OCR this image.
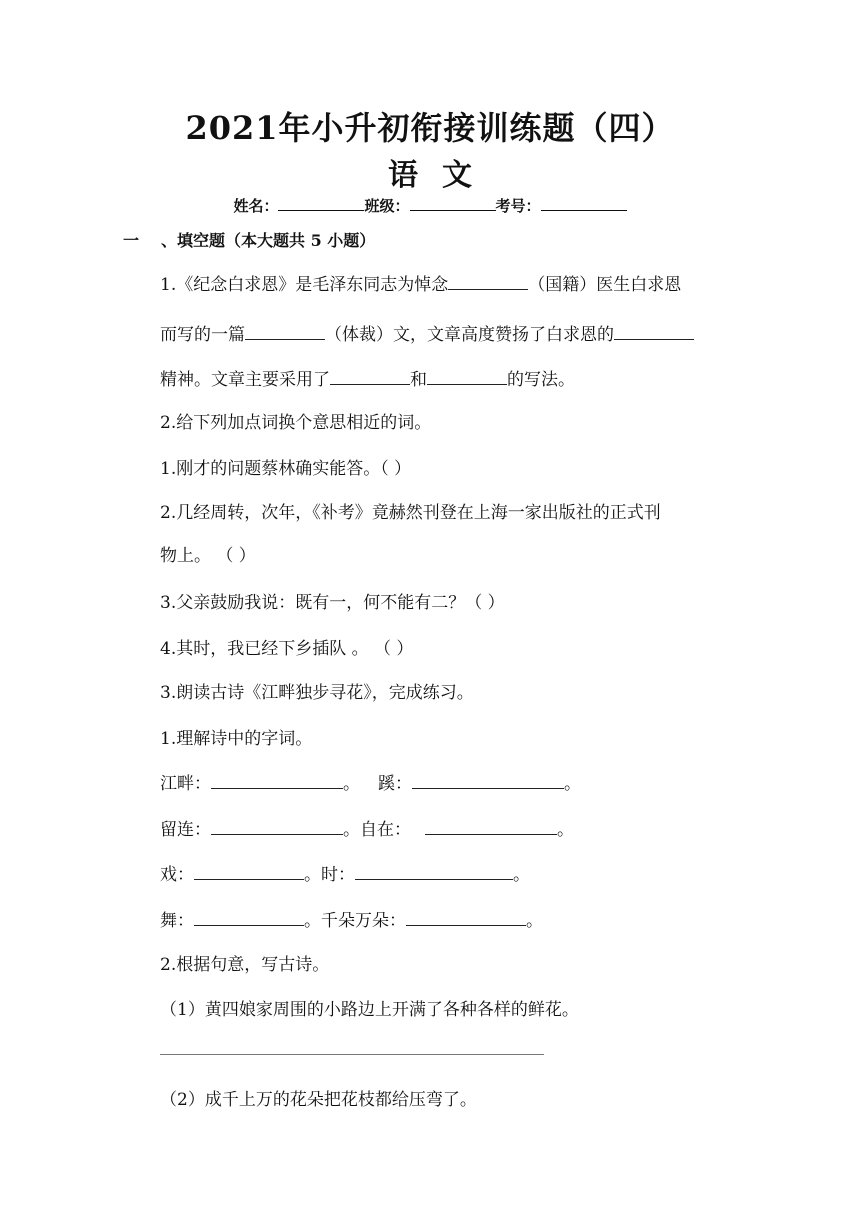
2021年小升初衔接训练题（四）
语 文
姓名：	班级：	考号：
一 、填空题（本大题共 5 小题）
1.《纪念白求恩》是毛泽东同志为悼念	（国籍）医生白求恩
而写的一篇	（体裁）文，文章高度赞扬了白求恩的
精神。文章主要采用了	和	的写法。
2.给下列加点词换个意思相近的词。
1.刚才的问题蔡林确实能答。（ ）
2.几经周转，次年，《补考》竟赫然刊登在上海一家出版社的正式刊
物上。 （ ）
3.父亲鼓励我说：既有一，何不能有二？（ ）
4.其时，我已经下乡插队 。 （ ）
3.朗读古诗《江畔独步寻花》，完成练习。
1.理解诗中的字词。
江畔：	。 蹊：	。
留连：	。自在：	。
戏：	。时：	。
舞：	。千朵万朵：	。
2.根据句意，写古诗。
（1）黄四娘家周围的小路边上开满了各种各样的鲜花。
（2）成千上万的花朵把花枝都给压弯了。
